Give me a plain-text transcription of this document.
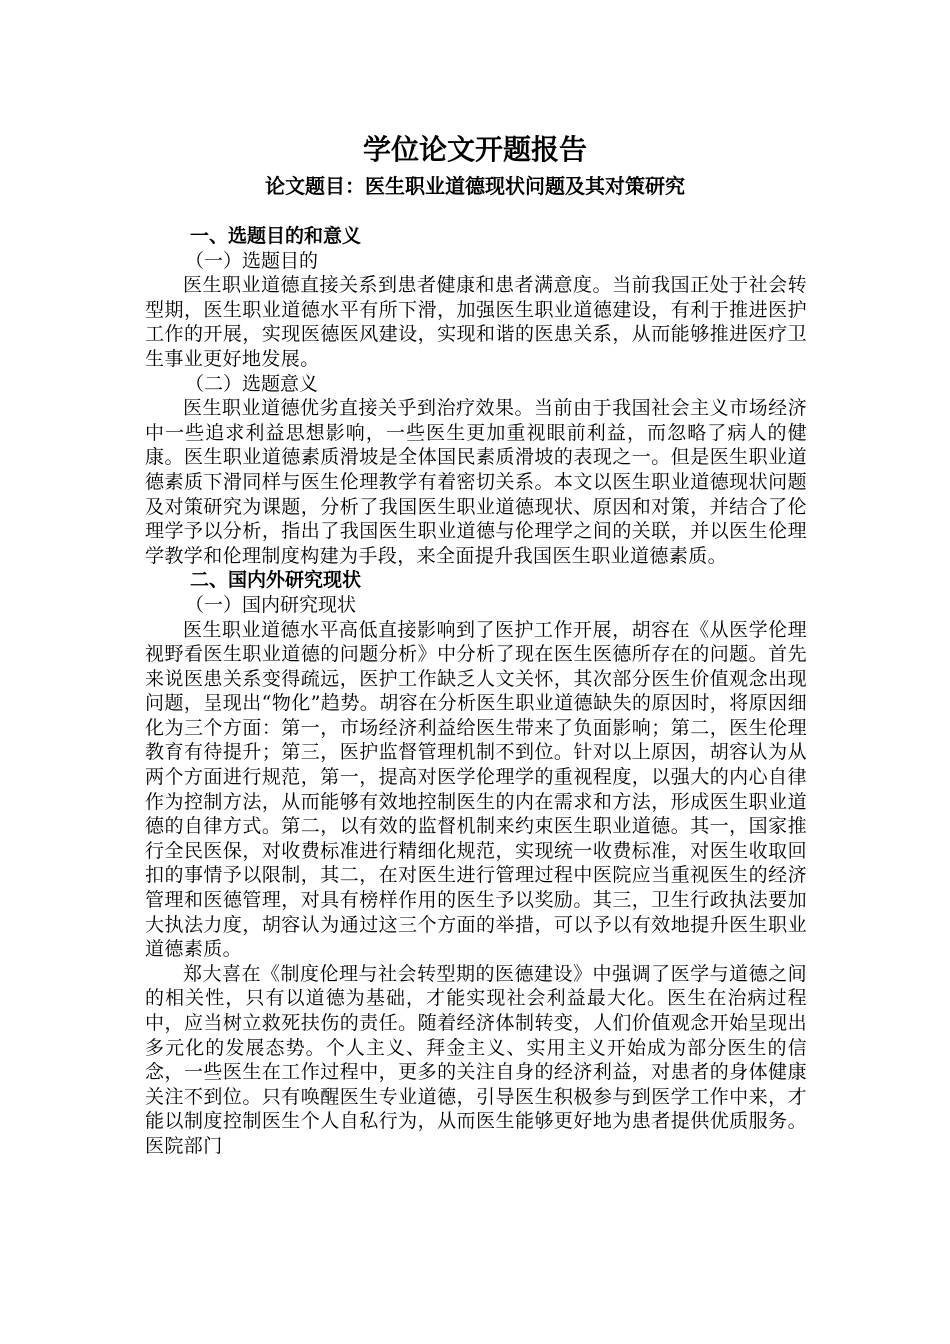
学位论文开题报告
论文题目：医生职业道德现状问题及其对策研究
一、选题目的和意义
（一）选题目的
医生职业道德直接关系到患者健康和患者满意度。当前我国正处于社会转型期，医生职业道德水平有所下滑，加强医生职业道德建设，有利于推进医护工作的开展，实现医德医风建设，实现和谐的医患关系，从而能够推进医疗卫生事业更好地发展。
（二）选题意义
医生职业道德优劣直接关乎到治疗效果。当前由于我国社会主义市场经济中一些追求利益思想影响，一些医生更加重视眼前利益，而忽略了病人的健康。医生职业道德素质滑坡是全体国民素质滑坡的表现之一。但是医生职业道德素质下滑同样与医生伦理教学有着密切关系。本文以医生职业道德现状问题及对策研究为课题，分析了我国医生职业道德现状、原因和对策，并结合了伦理学予以分析，指出了我国医生职业道德与伦理学之间的关联，并以医生伦理学教学和伦理制度构建为手段，来全面提升我国医生职业道德素质。
二、国内外研究现状
（一）国内研究现状
医生职业道德水平高低直接影响到了医护工作开展，胡容在《从医学伦理视野看医生职业道德的问题分析》中分析了现在医生医德所存在的问题。首先来说医患关系变得疏远，医护工作缺乏人文关怀，其次部分医生价值观念出现问题，呈现出“物化”趋势。胡容在分析医生职业道德缺失的原因时，将原因细化为三个方面：第一，市场经济利益给医生带来了负面影响；第二，医生伦理教育有待提升；第三，医护监督管理机制不到位。针对以上原因，胡容认为从两个方面进行规范，第一，提高对医学伦理学的重视程度，以强大的内心自律作为控制方法，从而能够有效地控制医生的内在需求和方法，形成医生职业道德的自律方式。第二，以有效的监督机制来约束医生职业道德。其一，国家推行全民医保，对收费标准进行精细化规范，实现统一收费标准，对医生收取回扣的事情予以限制，其二，在对医生进行管理过程中医院应当重视医生的经济管理和医德管理，对具有榜样作用的医生予以奖励。其三，卫生行政执法要加大执法力度，胡容认为通过这三个方面的举措，可以予以有效地提升医生职业道德素质。
郑大喜在《制度伦理与社会转型期的医德建设》中强调了医学与道德之间的相关性，只有以道德为基础，才能实现社会利益最大化。医生在治病过程中，应当树立救死扶伤的责任。随着经济体制转变，人们价值观念开始呈现出多元化的发展态势。个人主义、拜金主义、实用主义开始成为部分医生的信念，一些医生在工作过程中，更多的关注自身的经济利益，对患者的身体健康关注不到位。只有唤醒医生专业道德，引导医生积极参与到医学工作中来，才能以制度控制医生个人自私行为，从而医生能够更好地为患者提供优质服务。医院部门
